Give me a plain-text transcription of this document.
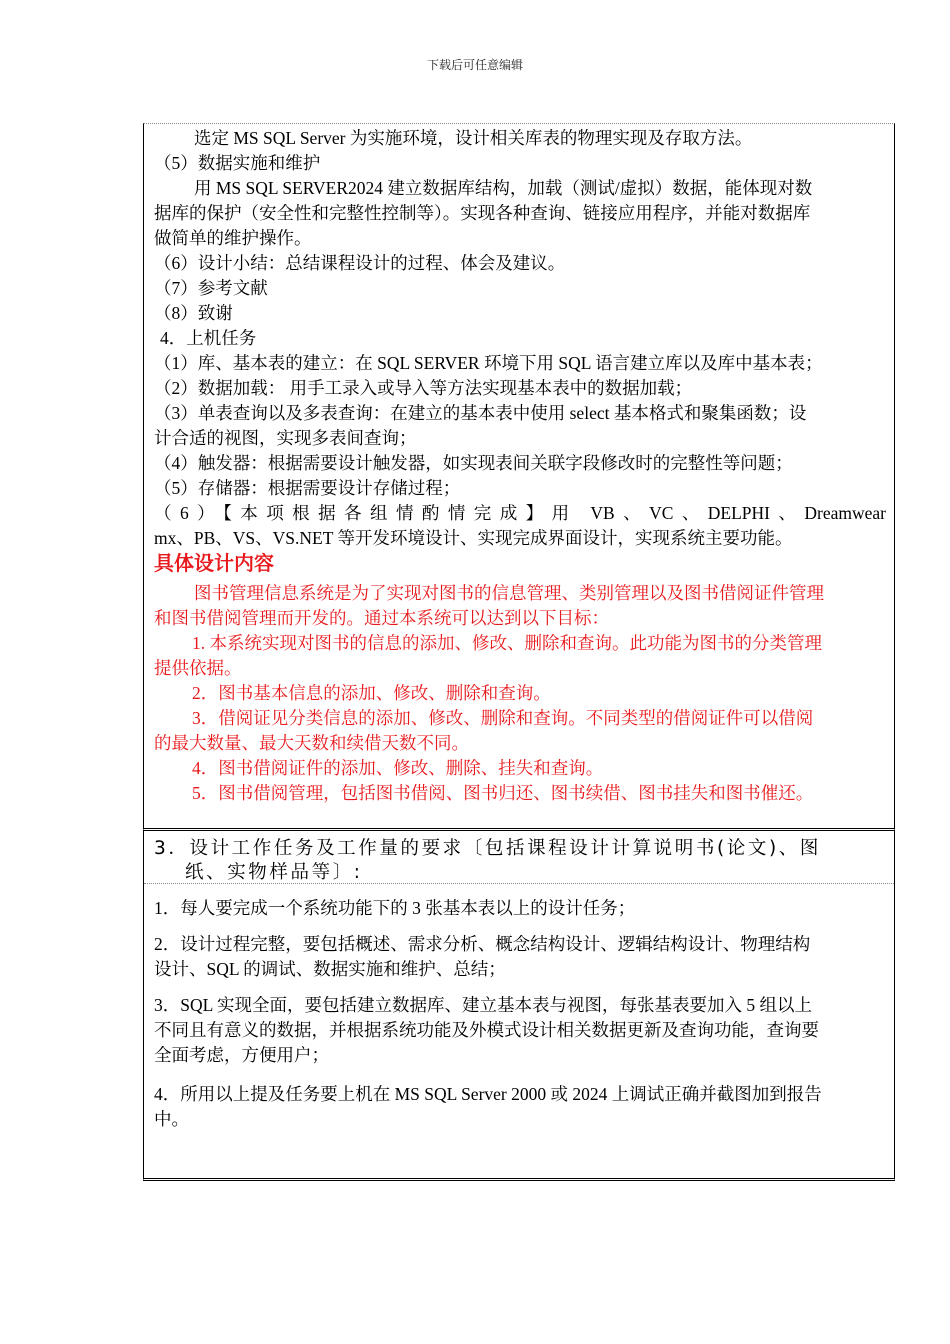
下载后可任意编辑
选定 MS SQL Server 为实施环境，设计相关库表的物理实现及存取方法。
（5）数据实施和维护
用 MS SQL SERVER2024 建立数据库结构，加载（测试/虚拟）数据，能体现对数
据库的保护（安全性和完整性控制等）。实现各种查询、链接应用程序，并能对数据库
做简单的维护操作。
（6）设计小结：总结课程设计的过程、体会及建议。
（7）参考文献
（8）致谢
4．上机任务
（1）库、基本表的建立：在 SQL SERVER 环境下用 SQL 语言建立库以及库中基本表；
（2）数据加载： 用手工录入或导入等方法实现基本表中的数据加载；
（3）单表查询以及多表查询：在建立的基本表中使用 select 基本格式和聚集函数；设
计合适的视图，实现多表间查询；
（4）触发器：根据需要设计触发器，如实现表间关联字段修改时的完整性等问题；
（5）存储器：根据需要设计存储过程；
（6）【本项根据各组情酌情完成】用 VB、VC、DELPHI、Dreamwear
mx、PB、VS、VS.NET 等开发环境设计、实现完成界面设计，实现系统主要功能。
具体设计内容
图书管理信息系统是为了实现对图书的信息管理、类别管理以及图书借阅证件管理
和图书借阅管理而开发的。通过本系统可以达到以下目标：
1. 本系统实现对图书的信息的添加、修改、删除和查询。此功能为图书的分类管理
提供依据。
2．图书基本信息的添加、修改、删除和查询。
3．借阅证见分类信息的添加、修改、删除和查询。不同类型的借阅证件可以借阅
的最大数量、最大天数和续借天数不同。
4．图书借阅证件的添加、修改、删除、挂失和查询。
5．图书借阅管理，包括图书借阅、图书归还、图书续借、图书挂失和图书催还。
3．设计工作任务及工作量的要求〔包括课程设计计算说明书(论文)、图
纸、实物样品等〕:
1．每人要完成一个系统功能下的 3 张基本表以上的设计任务；
2．设计过程完整，要包括概述、需求分析、概念结构设计、逻辑结构设计、物理结构
设计、SQL 的调试、数据实施和维护、总结；
3．SQL 实现全面，要包括建立数据库、建立基本表与视图，每张基表要加入 5 组以上
不同且有意义的数据，并根据系统功能及外模式设计相关数据更新及查询功能，查询要
全面考虑，方便用户；
4．所用以上提及任务要上机在 MS SQL Server 2000 或 2024 上调试正确并截图加到报告
中。
